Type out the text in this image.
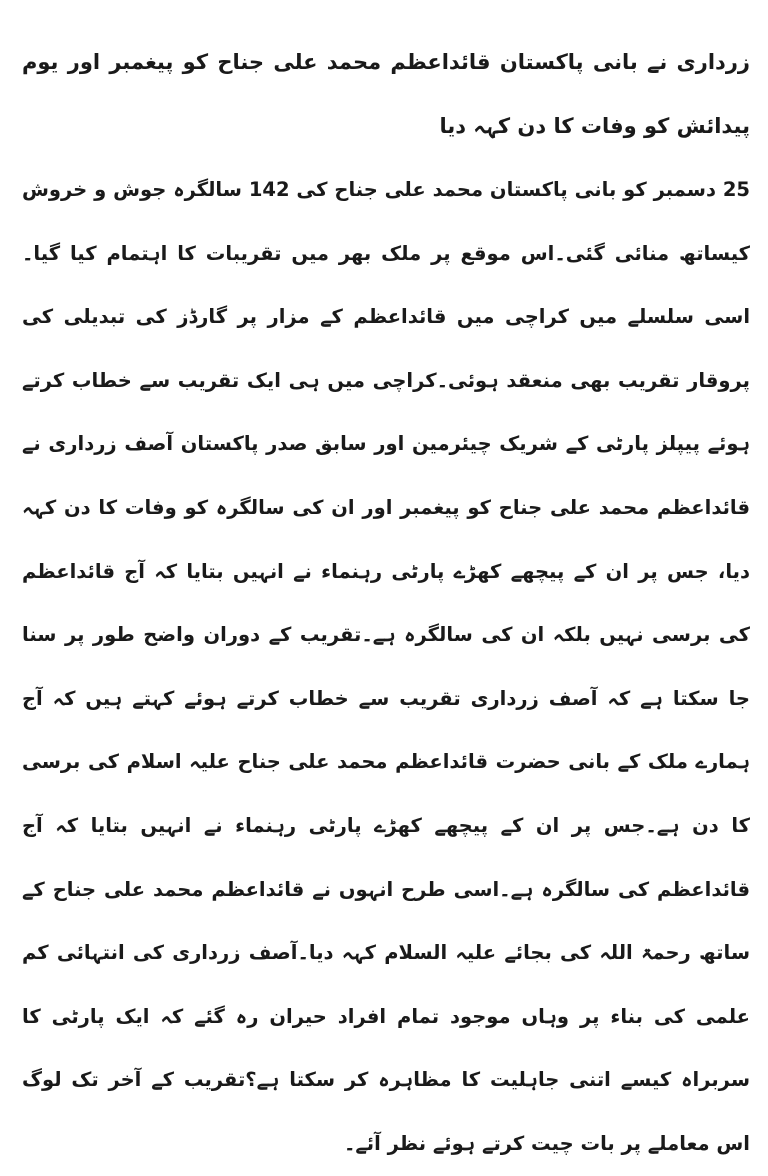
زرداری نے بانی پاکستان قائداعظم محمد علی جناح کو پیغمبر اور یوم پیدائش کو وفات کا دن کہہ دیا

25 دسمبر کو بانی پاکستان محمد علی جناح کی 142 سالگرہ جوش و خروش کیساتھ منائی گئی۔اس موقع پر ملک بھر میں تقریبات کا اہتمام کیا گیا۔اسی سلسلے میں کراچی میں قائداعظم کے مزار پر گارڈز کی تبدیلی کی پروقار تقریب بھی منعقد ہوئی۔کراچی میں ہی ایک تقریب سے خطاب کرتے ہوئے پیپلز پارٹی کے شریک چیئرمین اور سابق صدر پاکستان آصف زرداری نے قائداعظم محمد علی جناح کو پیغمبر اور ان کی سالگرہ کو وفات کا دن کہہ دیا، جس پر ان کے پیچھے کھڑے پارٹی رہنماء نے انہیں بتایا کہ آج قائداعظم کی برسی نہیں بلکہ ان کی سالگرہ ہے۔تقریب کے دوران واضح طور پر سنا جا سکتا ہے کہ آصف زرداری تقریب سے خطاب کرتے ہوئے کہتے ہیں کہ آج ہمارے ملک کے بانی حضرت قائداعظم محمد علی جناح علیہ اسلام کی برسی کا دن ہے۔جس پر ان کے پیچھے کھڑے پارٹی رہنماء نے انہیں بتایا کہ آج قائداعظم کی سالگرہ ہے۔اسی طرح انہوں نے قائداعظم محمد علی جناح کے ساتھ رحمۃ اللہ کی بجائے علیہ السلام کہہ دیا۔آصف زرداری کی انتہائی کم علمی کی بناء پر وہاں موجود تمام افراد حیران رہ گئے کہ ایک پارٹی کا سربراہ کیسے اتنی جاہلیت کا مظاہرہ کر سکتا ہے؟تقریب کے آخر تک لوگ اس معاملے پر بات چیت کرتے ہوئے نظر آئے۔
